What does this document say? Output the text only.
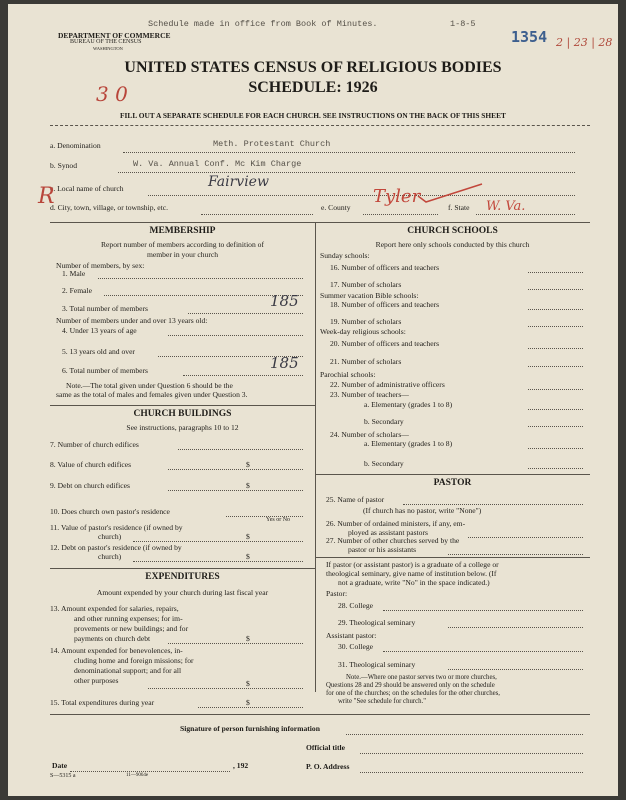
Schedule made in office from Book of Minutes.	1-8-5
1354 2 | 23 | 28
DEPARTMENT OF COMMERCE
BUREAU OF THE CENSUS
WASHINGTON
UNITED STATES CENSUS OF RELIGIOUS BODIES
SCHEDULE: 1926
3 0
FILL OUT A SEPARATE SCHEDULE FOR EACH CHURCH. SEE INSTRUCTIONS ON THE BACK OF THIS SHEET
a. Denomination	Meth. Protestant Church
b. Synod	W. Va. Annual Conf. Mc Kim Charge
c. Local name of church	Fairview
R
d. City, town, village, or township, etc.	e. County
Tyler
f. State W. Va.
MEMBERSHIP
Report number of members according to definition of
member in your church
Number of members, by sex:
1. Male
2. Female
3. Total number of members	185
Number of members under and over 13 years old:
4. Under 13 years of age
5. 13 years old and over
6. Total number of members	185
Note.—The total given under Question 6 should be the
same as the total of males and females given under Question 3.
CHURCH BUILDINGS
See instructions, paragraphs 10 to 12
7. Number of church edifices
8. Value of church edifices	$
9. Debt on church edifices	$
10. Does church own pastor's residence
Yes or No
11. Value of pastor's residence (if owned by
church)	$
12. Debt on pastor's residence (if owned by
church)	$
EXPENDITURES
Amount expended by your church during last fiscal year
13. Amount expended for salaries, repairs,
and other running expenses; for im-
provements or new buildings; and for
payments on church debt	$
14. Amount expended for benevolences, in-
cluding home and foreign missions; for
denominational support; and for all
other purposes	$
15. Total expenditures during year	$
CHURCH SCHOOLS
Report here only schools conducted by this church
Sunday schools:
16. Number of officers and teachers
17. Number of scholars
Summer vacation Bible schools:
18. Number of officers and teachers
19. Number of scholars
Week-day religious schools:
20. Number of officers and teachers
21. Number of scholars
Parochial schools:
22. Number of administrative officers
23. Number of teachers—
a. Elementary (grades 1 to 8)
b. Secondary
24. Number of scholars—
a. Elementary (grades 1 to 8)
b. Secondary
PASTOR
25. Name of pastor
(If church has no pastor, write "None")
26. Number of ordained ministers, if any, em-
ployed as assistant pastors
27. Number of other churches served by the
pastor or his assistants
If pastor (or assistant pastor) is a graduate of a college or
theological seminary, give name of institution below. (If
not a graduate, write "No" in the space indicated.)
Pastor:
28. College
29. Theological seminary
Assistant pastor:
30. College
31. Theological seminary
Note.—Where one pastor serves two or more churches,
Questions 28 and 29 should be answered only on the schedule
for one of the churches; on the schedules for the other churches,
write "See schedule for church."
Signature of person furnishing information
Official title
Date	, 192	P. O. Address
S—5315 a	11—9064e
